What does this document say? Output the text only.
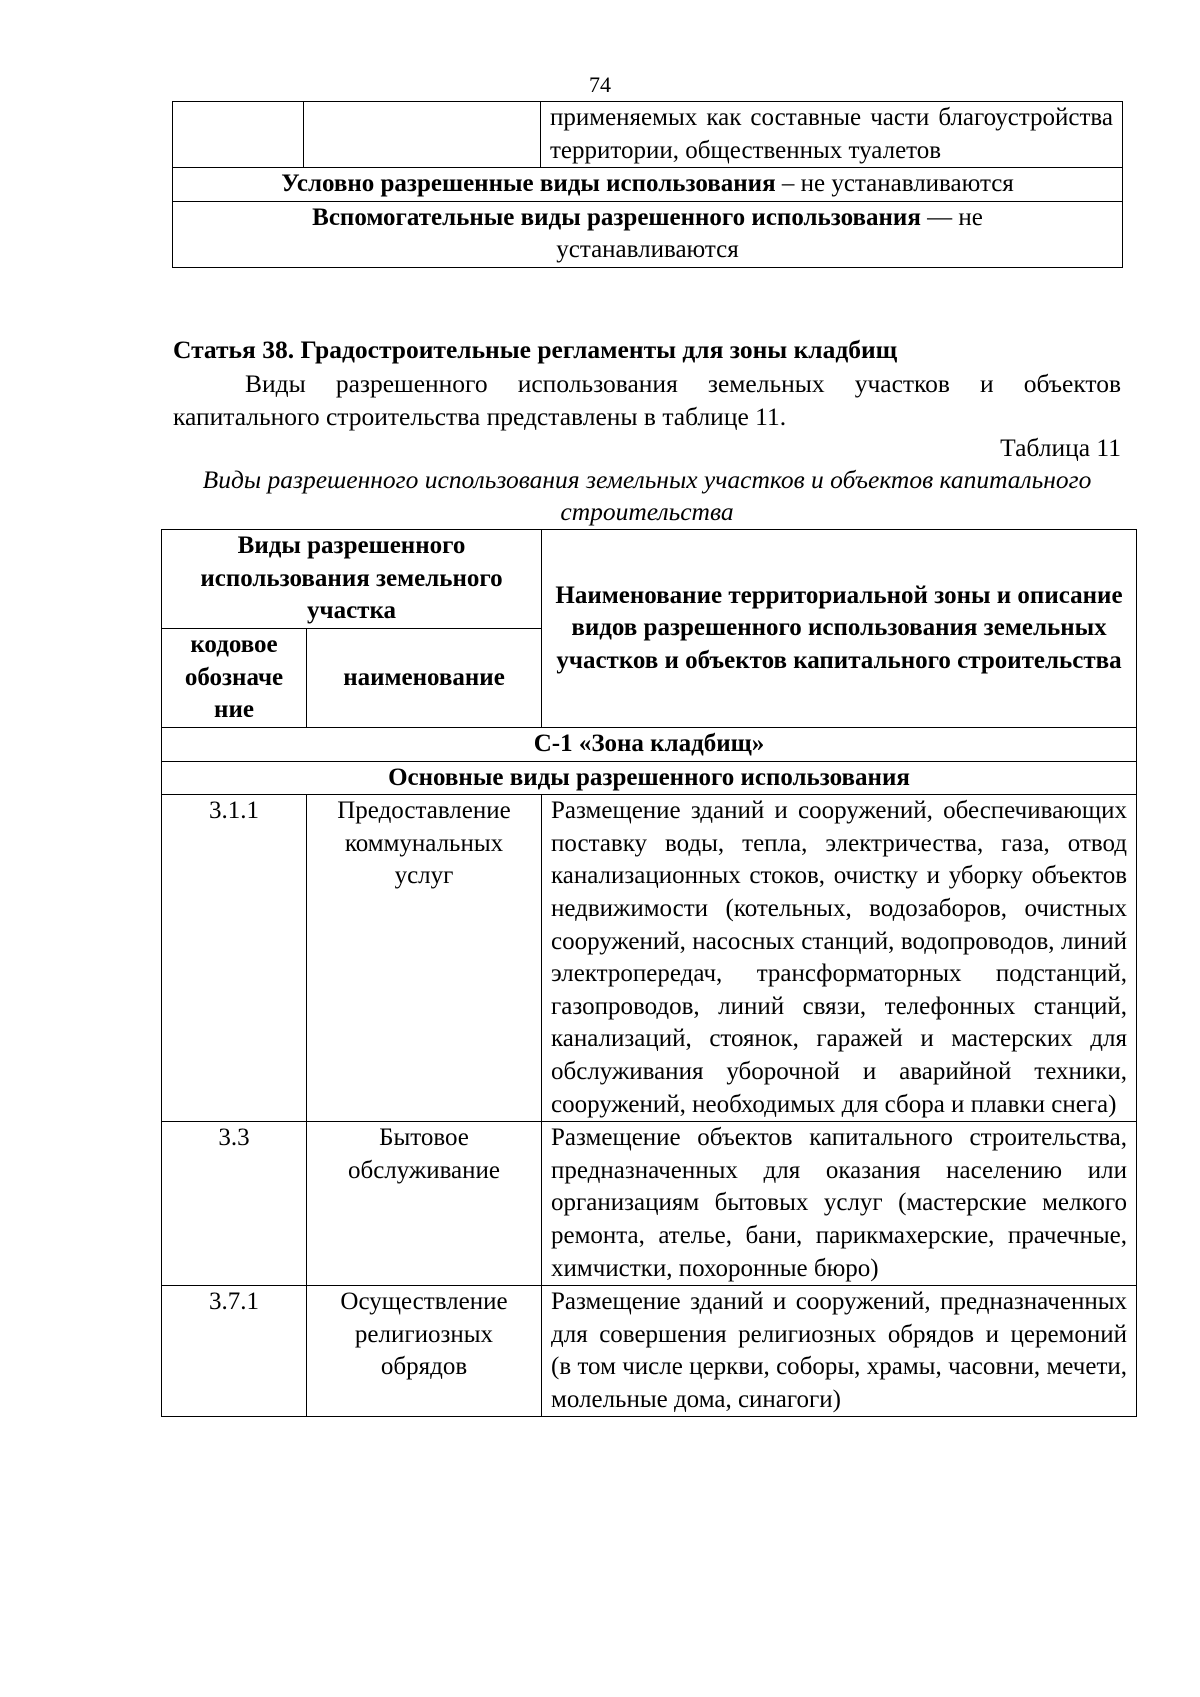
74
		применяемых как составные части благоустройства территории, общественных туалетов
Условно разрешенные виды использования – не устанавливаются
Вспомогательные виды разрешенного использования — не устанавливаются
Статья 38. Градостроительные регламенты для зоны кладбищ
Виды разрешенного использования земельных участков и объектов капитального строительства представлены в таблице 11.
Таблица 11
Виды разрешенного использования земельных участков и объектов капитального строительства
Виды разрешенного использования земельного участка		Наименование территориальной зоны и описание видов разрешенного использования земельных участков и объектов капитального строительства
кодовое обозначе ние	наименование	
С-1 «Зона кладбищ»		
Основные виды разрешенного использования		
3.1.1	Предоставление коммунальных услуг	Размещение зданий и сооружений, обеспечивающих поставку воды, тепла, электричества, газа, отвод канализационных стоков, очистку и уборку объектов недвижимости (котельных, водозаборов, очистных сооружений, насосных станций, водопроводов, линий электропередач, трансформаторных подстанций, газопроводов, линий связи, телефонных станций, канализаций, стоянок, гаражей и мастерских для обслуживания уборочной и аварийной техники, сооружений, необходимых для сбора и плавки снега)
3.3	Бытовое обслуживание	Размещение объектов капитального строительства, предназначенных для оказания населению или организациям бытовых услуг (мастерские мелкого ремонта, ателье, бани, парикмахерские, прачечные, химчистки, похоронные бюро)
3.7.1	Осуществление религиозных обрядов	Размещение зданий и сооружений, предназначенных для совершения религиозных обрядов и церемоний (в том числе церкви, соборы, храмы, часовни, мечети, молельные дома, синагоги)
